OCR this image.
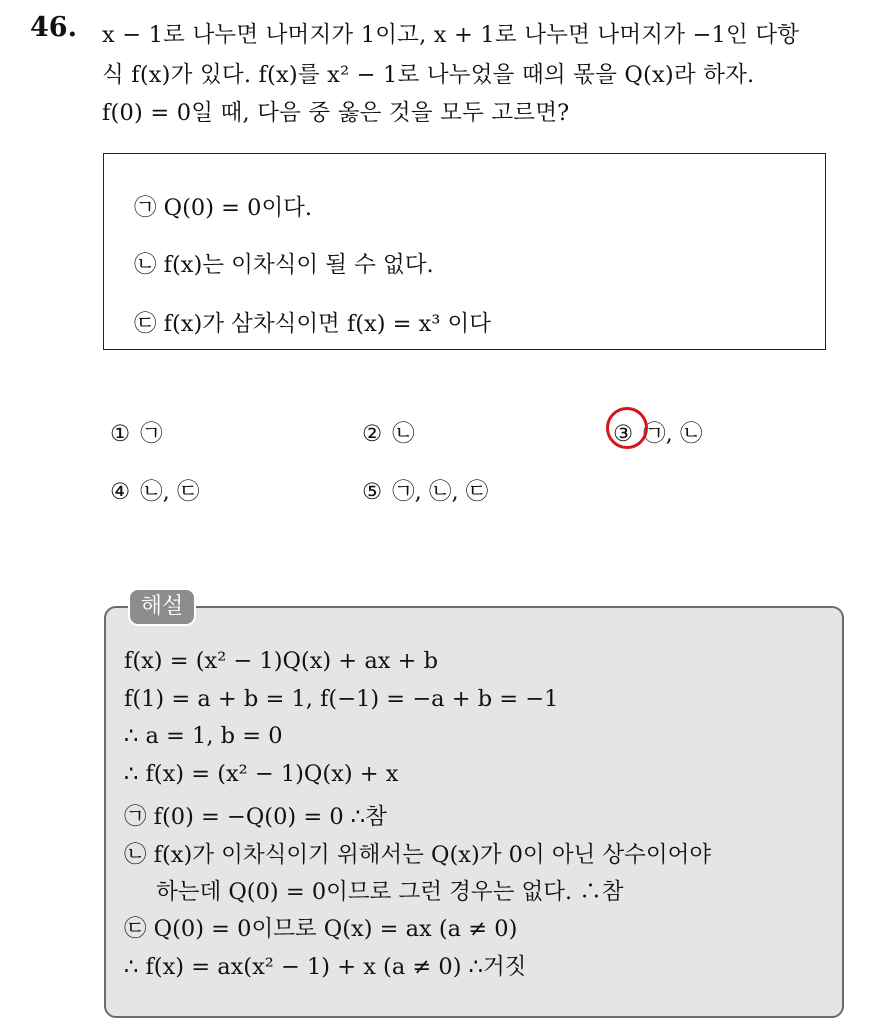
46. x − 1로 나누면 나머지가 1이고, x + 1로 나누면 나머지가 −1인 다항
식 f(x)가 있다. f(x)를 x² − 1로 나누었을 때의 몫을 Q(x)라 하자.
f(0) = 0일 때, 다음 중 옳은 것을 모두 고르면?
㉠ Q(0) = 0이다.
㉡ f(x)는 이차식이 될 수 없다.
㉢ f(x)가 삼차식이면 f(x) = x³ 이다
① ㉠	② ㉡	③ ㉠, ㉡
④ ㉡, ㉢	⑤ ㉠, ㉡, ㉢
해설
f(x) = (x² − 1)Q(x) + ax + b
f(1) = a + b = 1, f(−1) = −a + b = −1
∴ a = 1, b = 0
∴ f(x) = (x² − 1)Q(x) + x
㉠ f(0) = −Q(0) = 0 ∴참
㉡ f(x)가 이차식이기 위해서는 Q(x)가 0이 아닌 상수이어야
하는데 Q(0) = 0이므로 그런 경우는 없다. ∴참
㉢ Q(0) = 0이므로 Q(x) = ax (a ≠ 0)
∴ f(x) = ax(x² − 1) + x (a ≠ 0) ∴거짓
